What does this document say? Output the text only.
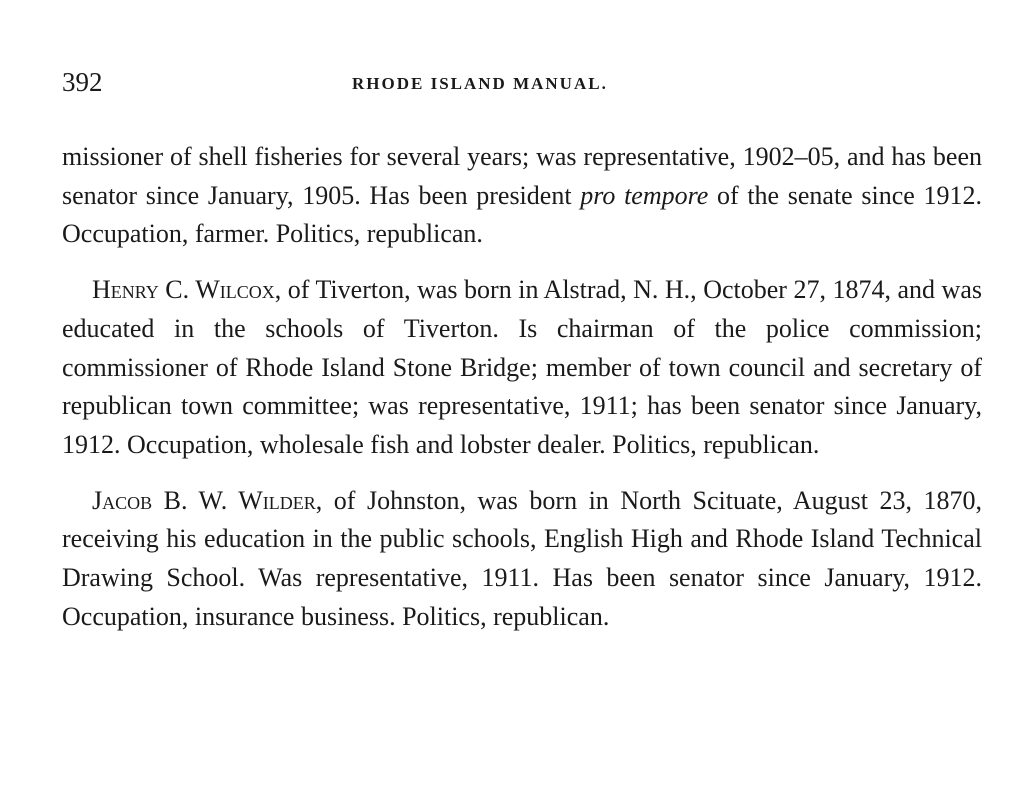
392	RHODE ISLAND MANUAL.

missioner of shell fisheries for several years; was representative, 1902–05, and has been senator since January, 1905. Has been president pro tempore of the senate since 1912. Occupation, farmer. Politics, republican.

Henry C. Wilcox, of Tiverton, was born in Alstrad, N. H., October 27, 1874, and was educated in the schools of Tiverton. Is chairman of the police commission; commissioner of Rhode Island Stone Bridge; member of town council and secretary of republican town committee; was representative, 1911; has been senator since January, 1912. Occupation, wholesale fish and lobster dealer. Politics, republican.

Jacob B. W. Wilder, of Johnston, was born in North Scituate, August 23, 1870, receiving his education in the public schools, English High and Rhode Island Technical Drawing School. Was representative, 1911. Has been senator since January, 1912. Occupation, insurance business. Politics, republican.
